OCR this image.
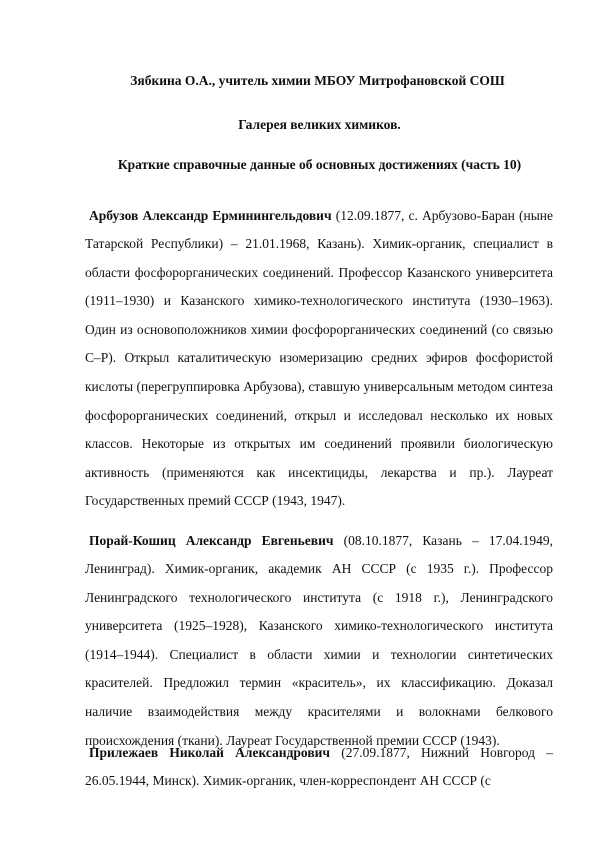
Зябкина О.А., учитель химии МБОУ Митрофановской СОШ
Галерея великих химиков.
Краткие справочные данные об основных достижениях (часть 10)

Арбузов Александр Ерминингельдович (12.09.1877, с. Арбузово-Баран (ныне Татарской Республики) – 21.01.1968, Казань). Химик-органик, специалист в области фосфорорганических соединений. Профессор Казанского университета (1911–1930) и Казанского химико-технологического института (1930–1963). Один из основоположников химии фосфорорганических соединений (со связью С–Р). Открыл каталитическую изомеризацию средних эфиров фосфористой кислоты (перегруппировка Арбузова), ставшую универсальным методом синтеза фосфорорганических соединений, открыл и исследовал несколько их новых классов. Некоторые из открытых им соединений проявили биологическую активность (применяются как инсектициды, лекарства и пр.). Лауреат Государственных премий СССР (1943, 1947).

Порай-Кошиц Александр Евгеньевич (08.10.1877, Казань – 17.04.1949, Ленинград). Химик-органик, академик АН СССР (с 1935 г.). Профессор Ленинградского технологического института (с 1918 г.), Ленинградского университета (1925–1928), Казанского химико-технологического института (1914–1944). Специалист в области химии и технологии синтетических красителей. Предложил термин «краситель», их классификацию. Доказал наличие взаимодействия между красителями и волокнами белкового происхождения (ткани). Лауреат Государственной премии СССР (1943).

Прилежаев Николай Александрович (27.09.1877, Нижний Новгород – 26.05.1944, Минск). Химик-органик, член-корреспондент АН СССР (с
